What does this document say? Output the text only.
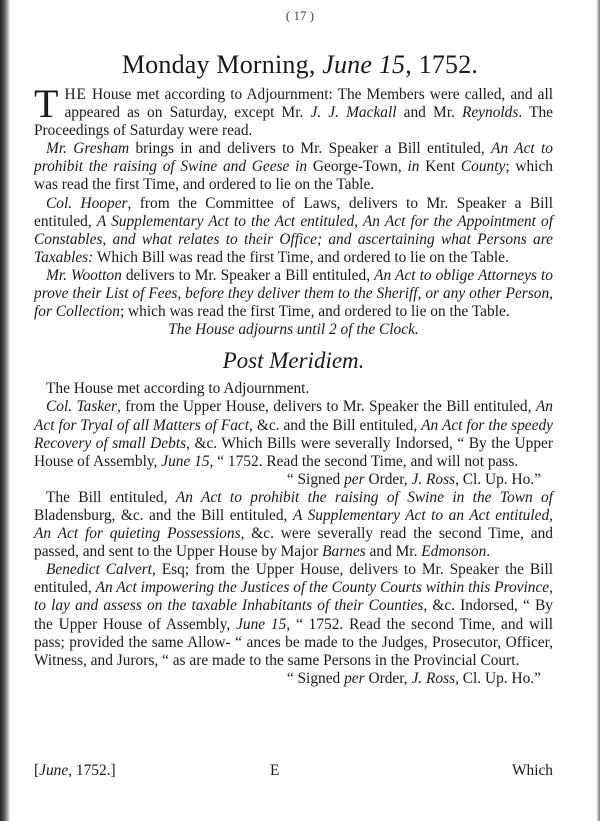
( 17 )
Monday Morning, June 15, 1752.

THE House met according to Adjournment: The Members were called, and all appeared as on Saturday, except Mr. J. J. Mackall and Mr. Reynolds. The Proceedings of Saturday were read.

Mr. Gresham brings in and delivers to Mr. Speaker a Bill entituled, An Act to prohibit the raising of Swine and Geese in George-Town, in Kent County; which was read the first Time, and ordered to lie on the Table.

Col. Hooper, from the Committee of Laws, delivers to Mr. Speaker a Bill entituled, A Supplementary Act to the Act entituled, An Act for the Appointment of Constables, and what relates to their Office; and ascertaining what Persons are Taxables: Which Bill was read the first Time, and ordered to lie on the Table.

Mr. Wootton delivers to Mr. Speaker a Bill entituled, An Act to oblige Attorneys to prove their List of Fees, before they deliver them to the Sheriff, or any other Person, for Collection; which was read the first Time, and ordered to lie on the Table.

The House adjourns until 2 of the Clock.

Post Meridiem.

The House met according to Adjournment.

Col. Tasker, from the Upper House, delivers to Mr. Speaker the Bill entituled, An Act for Tryal of all Matters of Fact, &c. and the Bill entituled, An Act for the speedy Recovery of small Debts, &c. Which Bills were severally Indorsed, “ By the Upper House of Assembly, June 15, “ 1752. Read the second Time, and will not pass.

“ Signed per Order, J. Ross, Cl. Up. Ho.”

The Bill entituled, An Act to prohibit the raising of Swine in the Town of Bladensburg, &c. and the Bill entituled, A Supplementary Act to an Act entituled, An Act for quieting Possessions, &c. were severally read the second Time, and passed, and sent to the Upper House by Major Barnes and Mr. Edmonson.

Benedict Calvert, Esq; from the Upper House, delivers to Mr. Speaker the Bill entituled, An Act impowering the Justices of the County Courts within this Province, to lay and assess on the taxable Inhabitants of their Counties, &c. Indorsed, “ By the Upper House of Assembly, June 15, “ 1752. Read the second Time, and will pass; provided the same Allow- “ ances be made to the Judges, Prosecutor, Officer, Witness, and Jurors, “ as are made to the same Persons in the Provincial Court.

“ Signed per Order, J. Ross, Cl. Up. Ho.”

[June, 1752.]	E	Which
